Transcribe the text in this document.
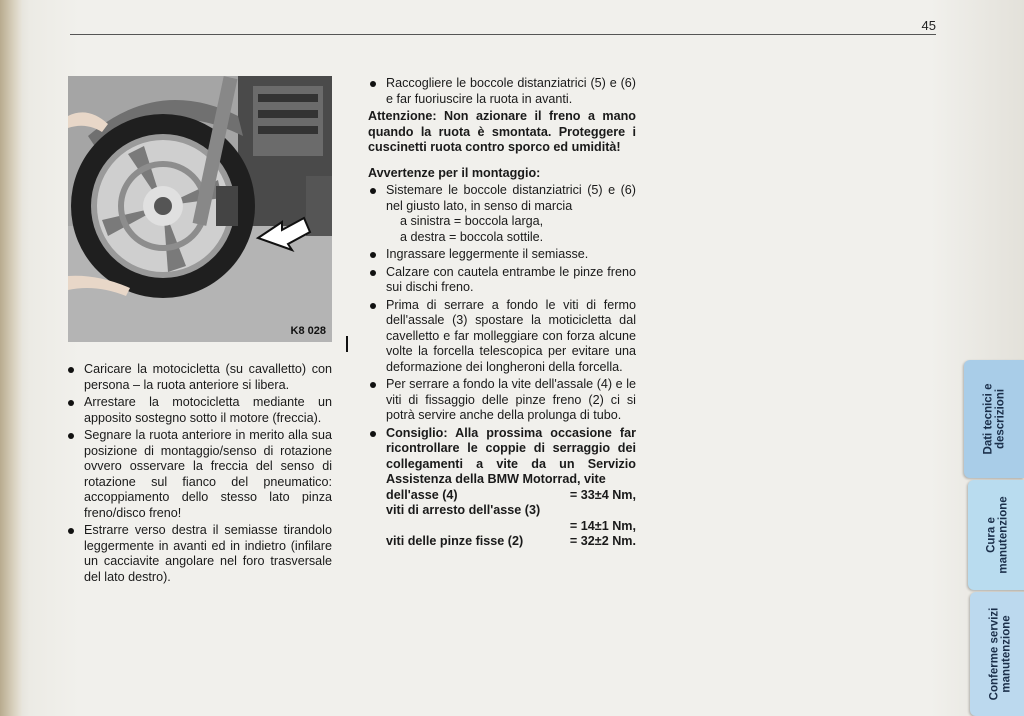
45
K8 028
Caricare la motocicletta (su cavalletto) con persona – la ruota anteriore si libera.
Arrestare la motocicletta mediante un apposito sostegno sotto il motore (freccia).
Segnare la ruota anteriore in merito alla sua posizione di montaggio/senso di rotazione ovvero osservare la freccia del senso di rotazione sul fianco del pneumatico: accoppiamento dello stesso lato pinza freno/disco freno!
Estrarre verso destra il semiasse tirandolo leggermente in avanti ed in indietro (infilare un cacciavite angolare nel foro trasversale del lato destro).
Raccogliere le boccole distanziatrici (5) e (6) e far fuoriuscire la ruota in avanti.

Attenzione: Non azionare il freno a mano quando la ruota è smontata. Proteggere i cuscinetti ruota contro sporco ed umidità!

Avvertenze per il montaggio:

Sistemare le boccole distanziatrici (5) e (6) nel giusto lato, in senso di marcia
a sinistra = boccola larga,
a destra = boccola sottile.
Ingrassare leggermente il semiasse.
Calzare con cautela entrambe le pinze freno sui dischi freno.
Prima di serrare a fondo le viti di fermo dell'assale (3) spostare la moticicletta dal cavelletto e far molleggiare con forza alcune volte la forcella telescopica per evitare una deformazione dei longheroni della forcella.
Per serrare a fondo la vite dell'assale (4) e le viti di fissaggio delle pinze freno (2) ci si potrà servire anche della prolunga di tubo.
Consiglio: Alla prossima occasione far ricontrollare le coppie di serraggio dei collegamenti a vite da un Servizio Assistenza della BMW Motorrad, vite
dell'asse (4)	= 33±4 Nm,
viti di arresto dell'asse (3)
= 14±1 Nm,
viti delle pinze fisse (2)	= 32±2 Nm.
Dati tecnici e
descrizioni
Cura e
manutenzione
Conferme servizi
manutenzione
